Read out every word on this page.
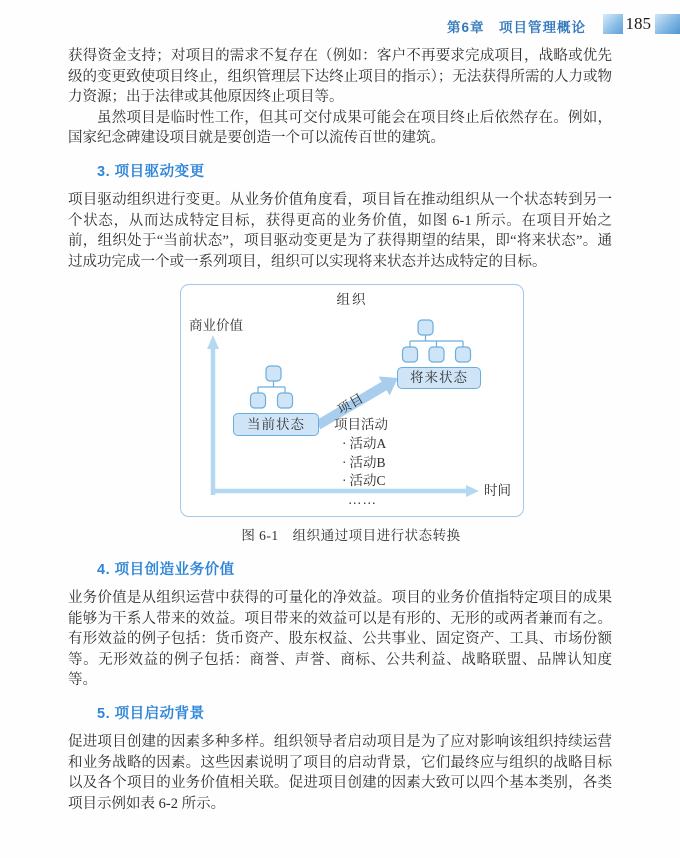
第6章　项目管理概论 185

获得资金支持；对项目的需求不复存在（例如：客户不再要求完成项目，战略或优先级的变更致使项目终止，组织管理层下达终止项目的指示）；无法获得所需的人力或物力资源；出于法律或其他原因终止项目等。

虽然项目是临时性工作，但其可交付成果可能会在项目终止后依然存在。例如，国家纪念碑建设项目就是要创造一个可以流传百世的建筑。

3. 项目驱动变更

项目驱动组织进行变更。从业务价值角度看，项目旨在推动组织从一个状态转到另一个状态，从而达成特定目标，获得更高的业务价值，如图 6-1 所示。在项目开始之前，组织处于“当前状态”，项目驱动变更是为了获得期望的结果，即“将来状态”。通过成功完成一个或一系列项目，组织可以实现将来状态并达成特定的目标。

组织
商业价值
时间
当前状态
将来状态
项目
项目活动
· 活动A
· 活动B
· 活动C
……
图 6-1　组织通过项目进行状态转换
4. 项目创造业务价值

业务价值是从组织运营中获得的可量化的净效益。项目的业务价值指特定项目的成果能够为干系人带来的效益。项目带来的效益可以是有形的、无形的或两者兼而有之。有形效益的例子包括：货币资产、股东权益、公共事业、固定资产、工具、市场份额等。无形效益的例子包括：商誉、声誉、商标、公共利益、战略联盟、品牌认知度等。

5. 项目启动背景

促进项目创建的因素多种多样。组织领导者启动项目是为了应对影响该组织持续运营和业务战略的因素。这些因素说明了项目的启动背景，它们最终应与组织的战略目标以及各个项目的业务价值相关联。促进项目创建的因素大致可以四个基本类别，各类项目示例如表 6-2 所示。
